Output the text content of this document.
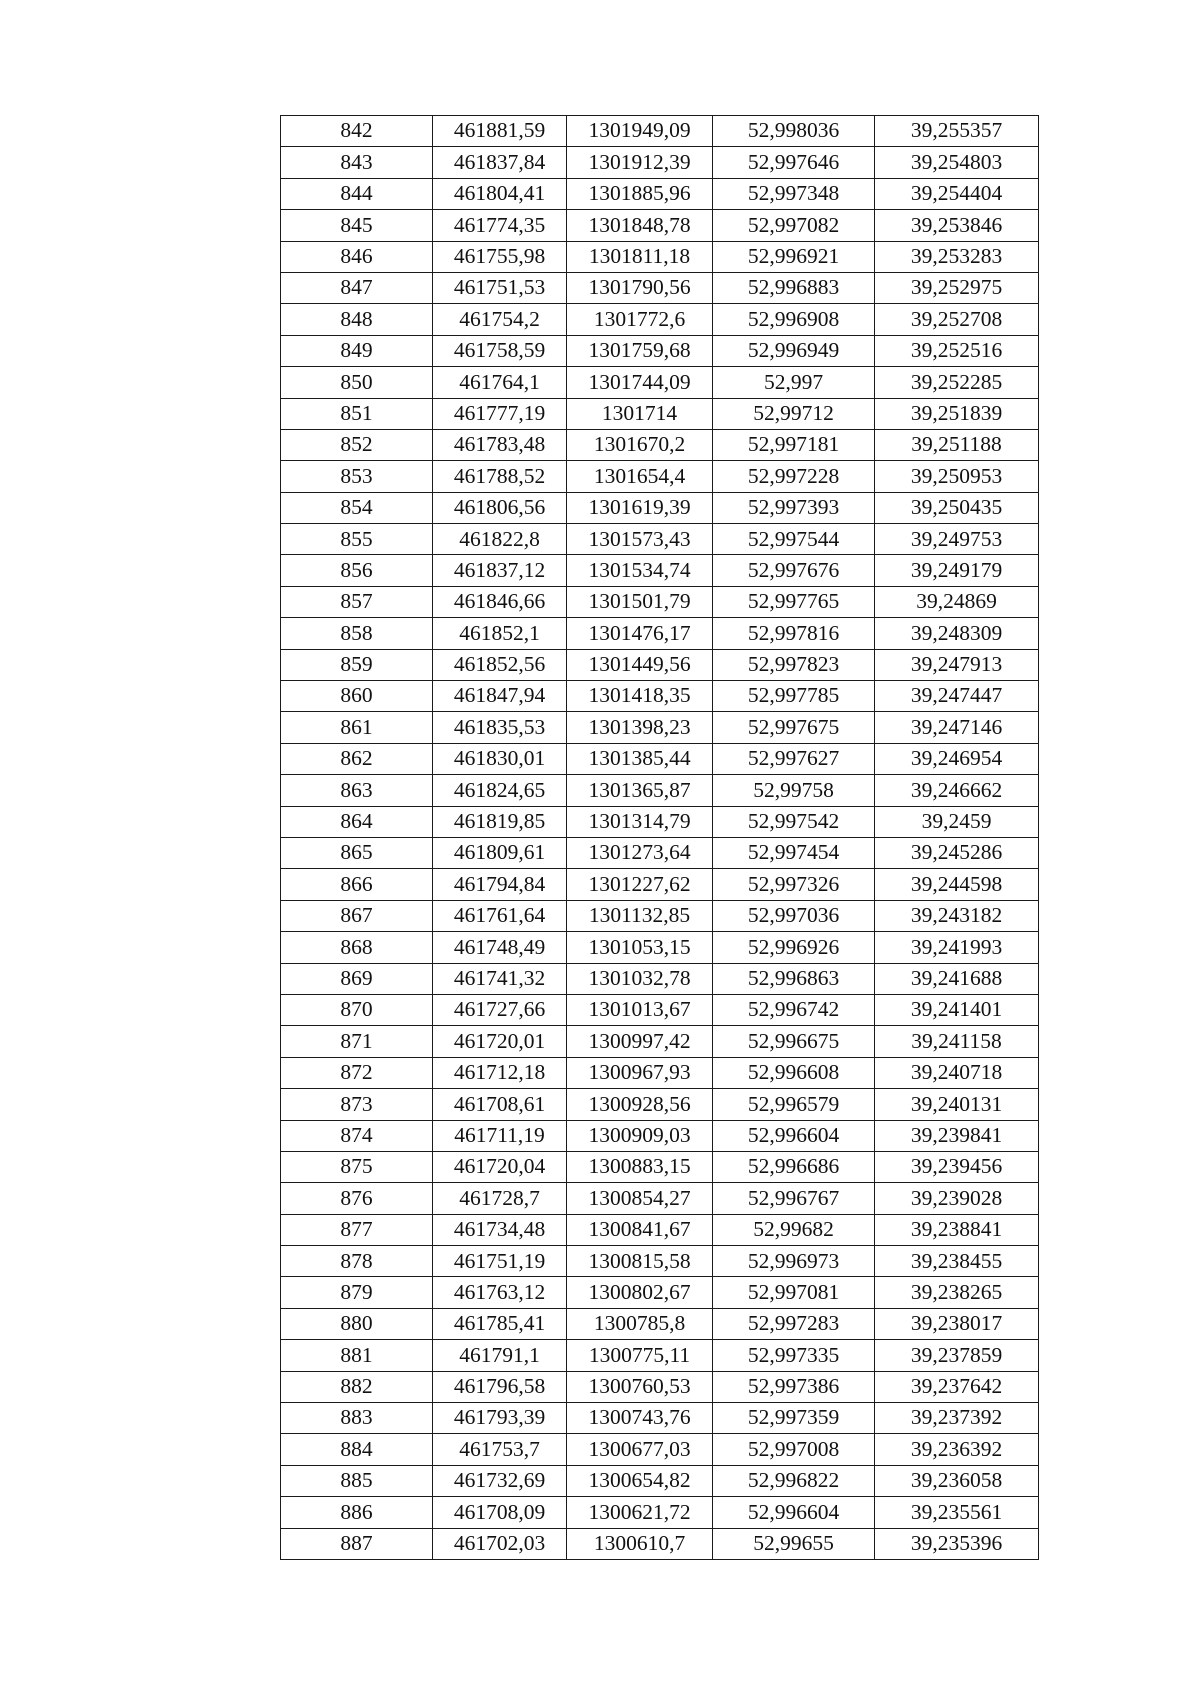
842	461881,59	1301949,09	52,998036	39,255357
843	461837,84	1301912,39	52,997646	39,254803
844	461804,41	1301885,96	52,997348	39,254404
845	461774,35	1301848,78	52,997082	39,253846
846	461755,98	1301811,18	52,996921	39,253283
847	461751,53	1301790,56	52,996883	39,252975
848	461754,2	1301772,6	52,996908	39,252708
849	461758,59	1301759,68	52,996949	39,252516
850	461764,1	1301744,09	52,997	39,252285
851	461777,19	1301714	52,99712	39,251839
852	461783,48	1301670,2	52,997181	39,251188
853	461788,52	1301654,4	52,997228	39,250953
854	461806,56	1301619,39	52,997393	39,250435
855	461822,8	1301573,43	52,997544	39,249753
856	461837,12	1301534,74	52,997676	39,249179
857	461846,66	1301501,79	52,997765	39,24869
858	461852,1	1301476,17	52,997816	39,248309
859	461852,56	1301449,56	52,997823	39,247913
860	461847,94	1301418,35	52,997785	39,247447
861	461835,53	1301398,23	52,997675	39,247146
862	461830,01	1301385,44	52,997627	39,246954
863	461824,65	1301365,87	52,99758	39,246662
864	461819,85	1301314,79	52,997542	39,2459
865	461809,61	1301273,64	52,997454	39,245286
866	461794,84	1301227,62	52,997326	39,244598
867	461761,64	1301132,85	52,997036	39,243182
868	461748,49	1301053,15	52,996926	39,241993
869	461741,32	1301032,78	52,996863	39,241688
870	461727,66	1301013,67	52,996742	39,241401
871	461720,01	1300997,42	52,996675	39,241158
872	461712,18	1300967,93	52,996608	39,240718
873	461708,61	1300928,56	52,996579	39,240131
874	461711,19	1300909,03	52,996604	39,239841
875	461720,04	1300883,15	52,996686	39,239456
876	461728,7	1300854,27	52,996767	39,239028
877	461734,48	1300841,67	52,99682	39,238841
878	461751,19	1300815,58	52,996973	39,238455
879	461763,12	1300802,67	52,997081	39,238265
880	461785,41	1300785,8	52,997283	39,238017
881	461791,1	1300775,11	52,997335	39,237859
882	461796,58	1300760,53	52,997386	39,237642
883	461793,39	1300743,76	52,997359	39,237392
884	461753,7	1300677,03	52,997008	39,236392
885	461732,69	1300654,82	52,996822	39,236058
886	461708,09	1300621,72	52,996604	39,235561
887	461702,03	1300610,7	52,99655	39,235396
